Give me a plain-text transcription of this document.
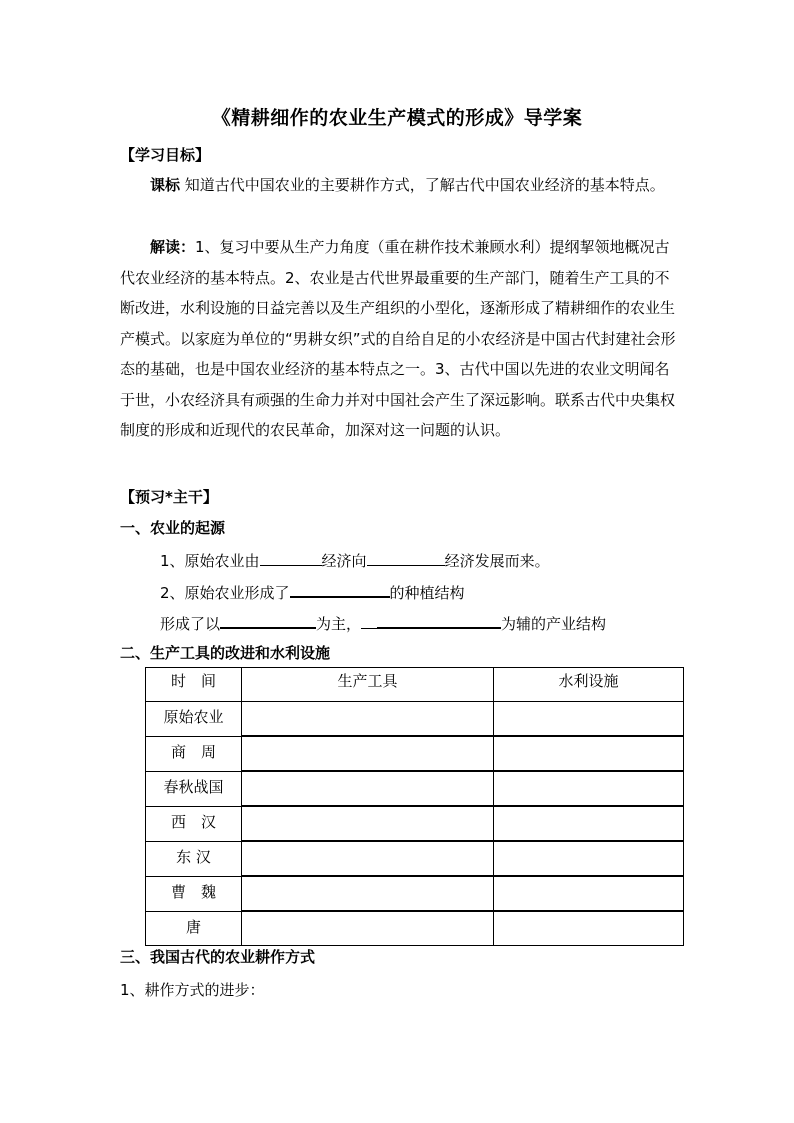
《精耕细作的农业生产模式的形成》导学案
【学习目标】
课标 知道古代中国农业的主要耕作方式，了解古代中国农业经济的基本特点。
解读：1、复习中要从生产力角度（重在耕作技术兼顾水利）提纲挈领地概况古代农业经济的基本特点。2、农业是古代世界最重要的生产部门，随着生产工具的不断改进，水利设施的日益完善以及生产组织的小型化，逐渐形成了精耕细作的农业生产模式。以家庭为单位的“男耕女织”式的自给自足的小农经济是中国古代封建社会形态的基础，也是中国农业经济的基本特点之一。3、古代中国以先进的农业文明闻名于世，小农经济具有顽强的生命力并对中国社会产生了深远影响。联系古代中央集权制度的形成和近现代的农民革命，加深对这一问题的认识。
【预习*主干】
一、农业的起源
1、原始农业由	经济向	经济发展而来。
2、原始农业形成了	的种植结构
形成了以	为主，	为辅的产业结构
二、生产工具的改进和水利设施
时　间	生产工具	水利设施
原始农业		
商　周		
春秋战国		
西　汉		
东 汉		
曹　魏		
唐		
三、我国古代的农业耕作方式
1、耕作方式的进步：
